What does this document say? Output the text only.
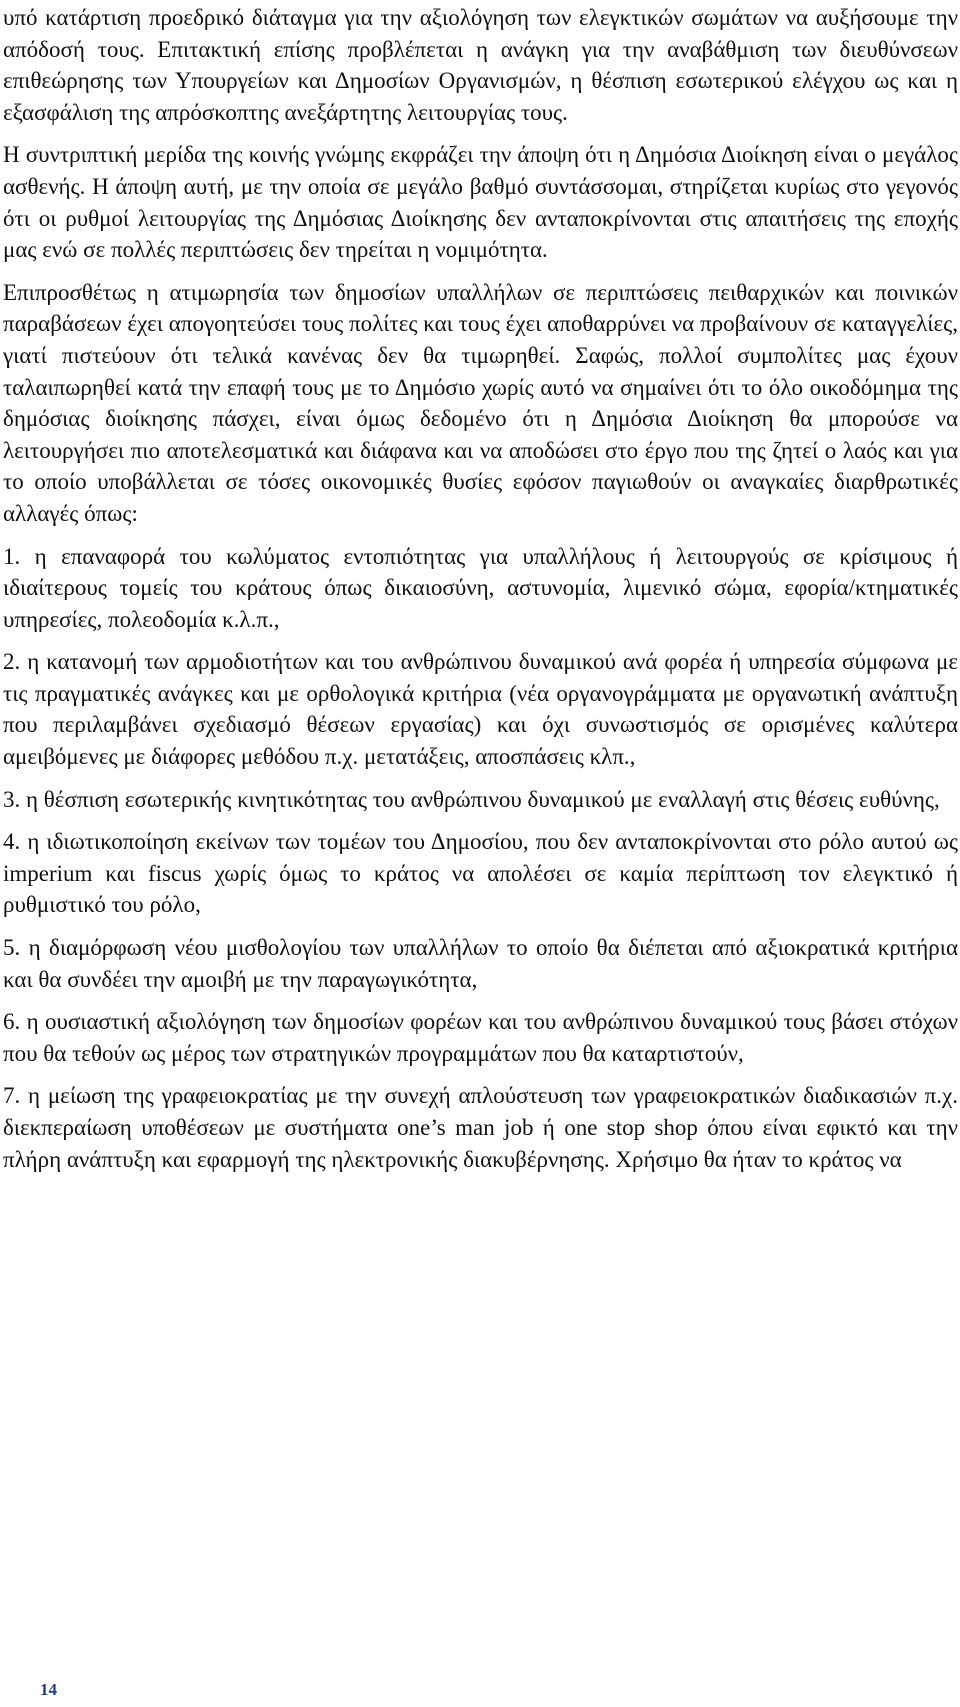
υπό κατάρτιση προεδρικό διάταγμα για την αξιολόγηση των ελεγκτικών σωμάτων να αυξήσουμε την απόδοσή τους. Επιτακτική επίσης προβλέπεται η ανάγκη για την αναβάθμιση των διευθύνσεων επιθεώρησης των Υπουργείων και Δημοσίων Οργανισμών, η θέσπιση εσωτερικού ελέγχου ως και η εξασφάλιση της απρόσκοπτης ανεξάρτητης λειτουργίας τους.

Η συντριπτική μερίδα της κοινής γνώμης εκφράζει την άποψη ότι η Δημόσια Διοίκηση είναι ο μεγάλος ασθενής. Η άποψη αυτή, με την οποία σε μεγάλο βαθμό συντάσσομαι, στηρίζεται κυρίως στο γεγονός ότι οι ρυθμοί λειτουργίας της Δημόσιας Διοίκησης δεν ανταποκρίνονται στις απαιτήσεις της εποχής μας ενώ σε πολλές περιπτώσεις δεν τηρείται η νομιμότητα.

Επιπροσθέτως η ατιμωρησία των δημοσίων υπαλλήλων σε περιπτώσεις πειθαρχικών και ποινικών παραβάσεων έχει απογοητεύσει τους πολίτες και τους έχει αποθαρρύνει να προβαίνουν σε καταγγελίες, γιατί πιστεύουν ότι τελικά κανένας δεν θα τιμωρηθεί. Σαφώς, πολλοί συμπολίτες μας έχουν ταλαιπωρηθεί κατά την επαφή τους με το Δημόσιο χωρίς αυτό να σημαίνει ότι το όλο οικοδόμημα της δημόσιας διοίκησης πάσχει, είναι όμως δεδομένο ότι η Δημόσια Διοίκηση θα μπορούσε να λειτουργήσει πιο αποτελεσματικά και διάφανα και να αποδώσει στο έργο που της ζητεί ο λαός και για το οποίο υποβάλλεται σε τόσες οικονομικές θυσίες εφόσον παγιωθούν οι αναγκαίες διαρθρωτικές αλλαγές όπως:

1. η επαναφορά του κωλύματος εντοπιότητας για υπαλλήλους ή λειτουργούς σε κρίσιμους ή ιδιαίτερους τομείς του κράτους όπως δικαιοσύνη, αστυνομία, λιμενικό σώμα, εφορία/κτηματικές υπηρεσίες, πολεοδομία κ.λ.π.,

2. η κατανομή των αρμοδιοτήτων και του ανθρώπινου δυναμικού ανά φορέα ή υπηρεσία σύμφωνα με τις πραγματικές ανάγκες και με ορθολογικά κριτήρια (νέα οργανογράμματα με οργανωτική ανάπτυξη που περιλαμβάνει σχεδιασμό θέσεων εργασίας) και όχι συνωστισμός σε ορισμένες καλύτερα αμειβόμενες με διάφορες μεθόδου π.χ. μετατάξεις, αποσπάσεις κλπ.,

3. η θέσπιση εσωτερικής κινητικότητας του ανθρώπινου δυναμικού με εναλλαγή στις θέσεις ευθύνης,

4. η ιδιωτικοποίηση εκείνων των τομέων του Δημοσίου, που δεν ανταποκρίνονται στο ρόλο αυτού ως imperium και fiscus χωρίς όμως το κράτος να απολέσει σε καμία περίπτωση τον ελεγκτικό ή ρυθμιστικό του ρόλο,

5. η διαμόρφωση νέου μισθολογίου των υπαλλήλων το οποίο θα διέπεται από αξιοκρατικά κριτήρια και θα συνδέει την αμοιβή με την παραγωγικότητα,

6. η ουσιαστική αξιολόγηση των δημοσίων φορέων και του ανθρώπινου δυναμικού τους βάσει στόχων που θα τεθούν ως μέρος των στρατηγικών προγραμμάτων που θα καταρτιστούν,

7. η μείωση της γραφειοκρατίας με την συνεχή απλούστευση των γραφειοκρατικών διαδικασιών π.χ. διεκπεραίωση υποθέσεων με συστήματα one’s man job ή one stop shop όπου είναι εφικτό και την πλήρη ανάπτυξη και εφαρμογή της ηλεκτρονικής διακυβέρνησης. Χρήσιμο θα ήταν το κράτος να

14
